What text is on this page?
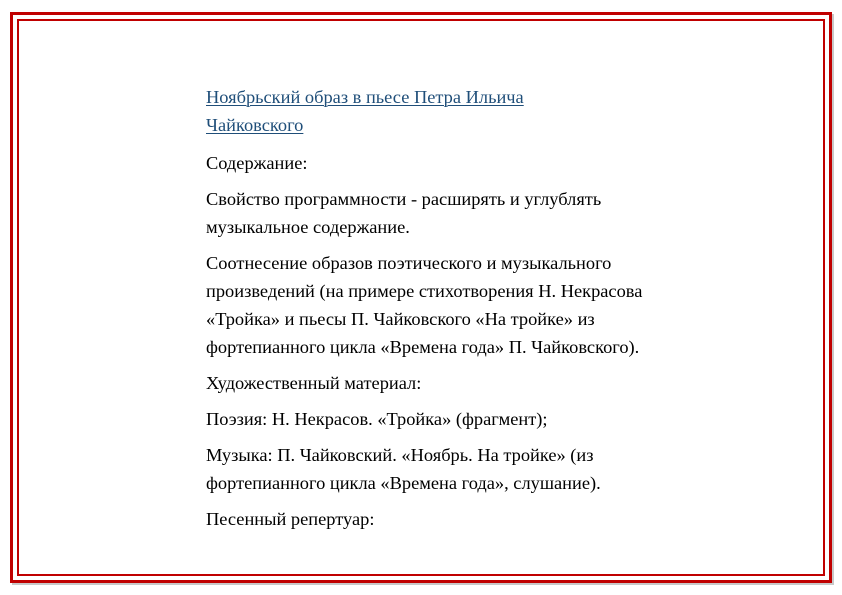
Ноябрьский образ в пьесе Петра Ильича
Чайковского
Содержание:
Свойство программности - расширять и углублять
музыкальное содержание.
Соотнесение образов поэтического и музыкального
произведений (на примере стихотворения Н. Некрасова
«Тройка» и пьесы П. Чайковского «На тройке» из
фортепианного цикла «Времена года» П. Чайковского).
Художественный материал:
Поэзия: Н. Некрасов. «Тройка» (фрагмент);
Музыка: П. Чайковский. «Ноябрь. На тройке» (из
фортепианного цикла «Времена года», слушание).
Песенный репертуар:
